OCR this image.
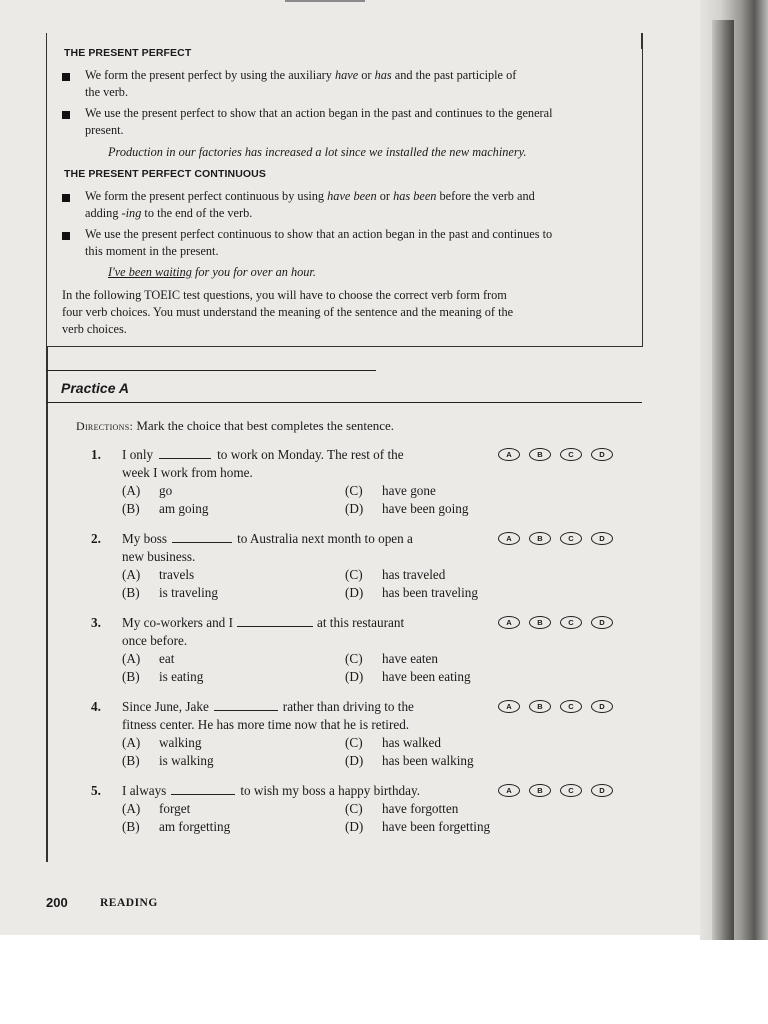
THE PRESENT PERFECT
We form the present perfect by using the auxiliary have or has and the past participle of
the verb.
We use the present perfect to show that an action began in the past and continues to the general
present.
Production in our factories has increased a lot since we installed the new machinery.
THE PRESENT PERFECT CONTINUOUS
We form the present perfect continuous by using have been or has been before the verb and
adding -ing to the end of the verb.
We use the present perfect continuous to show that an action began in the past and continues to
this moment in the present.
I've been waiting for you for over an hour.
In the following TOEIC test questions, you will have to choose the correct verb form from
four verb choices. You must understand the meaning of the sentence and the meaning of the
verb choices.
Practice A
Directions: Mark the choice that best completes the sentence.
1. I only	to work on Monday. The rest of the
week I work from home.
A	B	C	D
(A) go
(B) am going
(C) have gone
(D) have been going
2. My boss	to Australia next month to open a
new business.
A	B	C	D
(A) travels
(B) is traveling
(C) has traveled
(D) has been traveling
3. My co-workers and I	at this restaurant
once before.
A	B	C	D
(A) eat
(B) is eating
(C) have eaten
(D) have been eating
4. Since June, Jake	rather than driving to the
fitness center. He has more time now that he is retired.
A	B	C	D
(A) walking
(B) is walking
(C) has walked
(D) has been walking
5. I always	to wish my boss a happy birthday.	A	B	C	D
(A) forget
(B) am forgetting
(C) have forgotten
(D) have been forgetting
200	READING
